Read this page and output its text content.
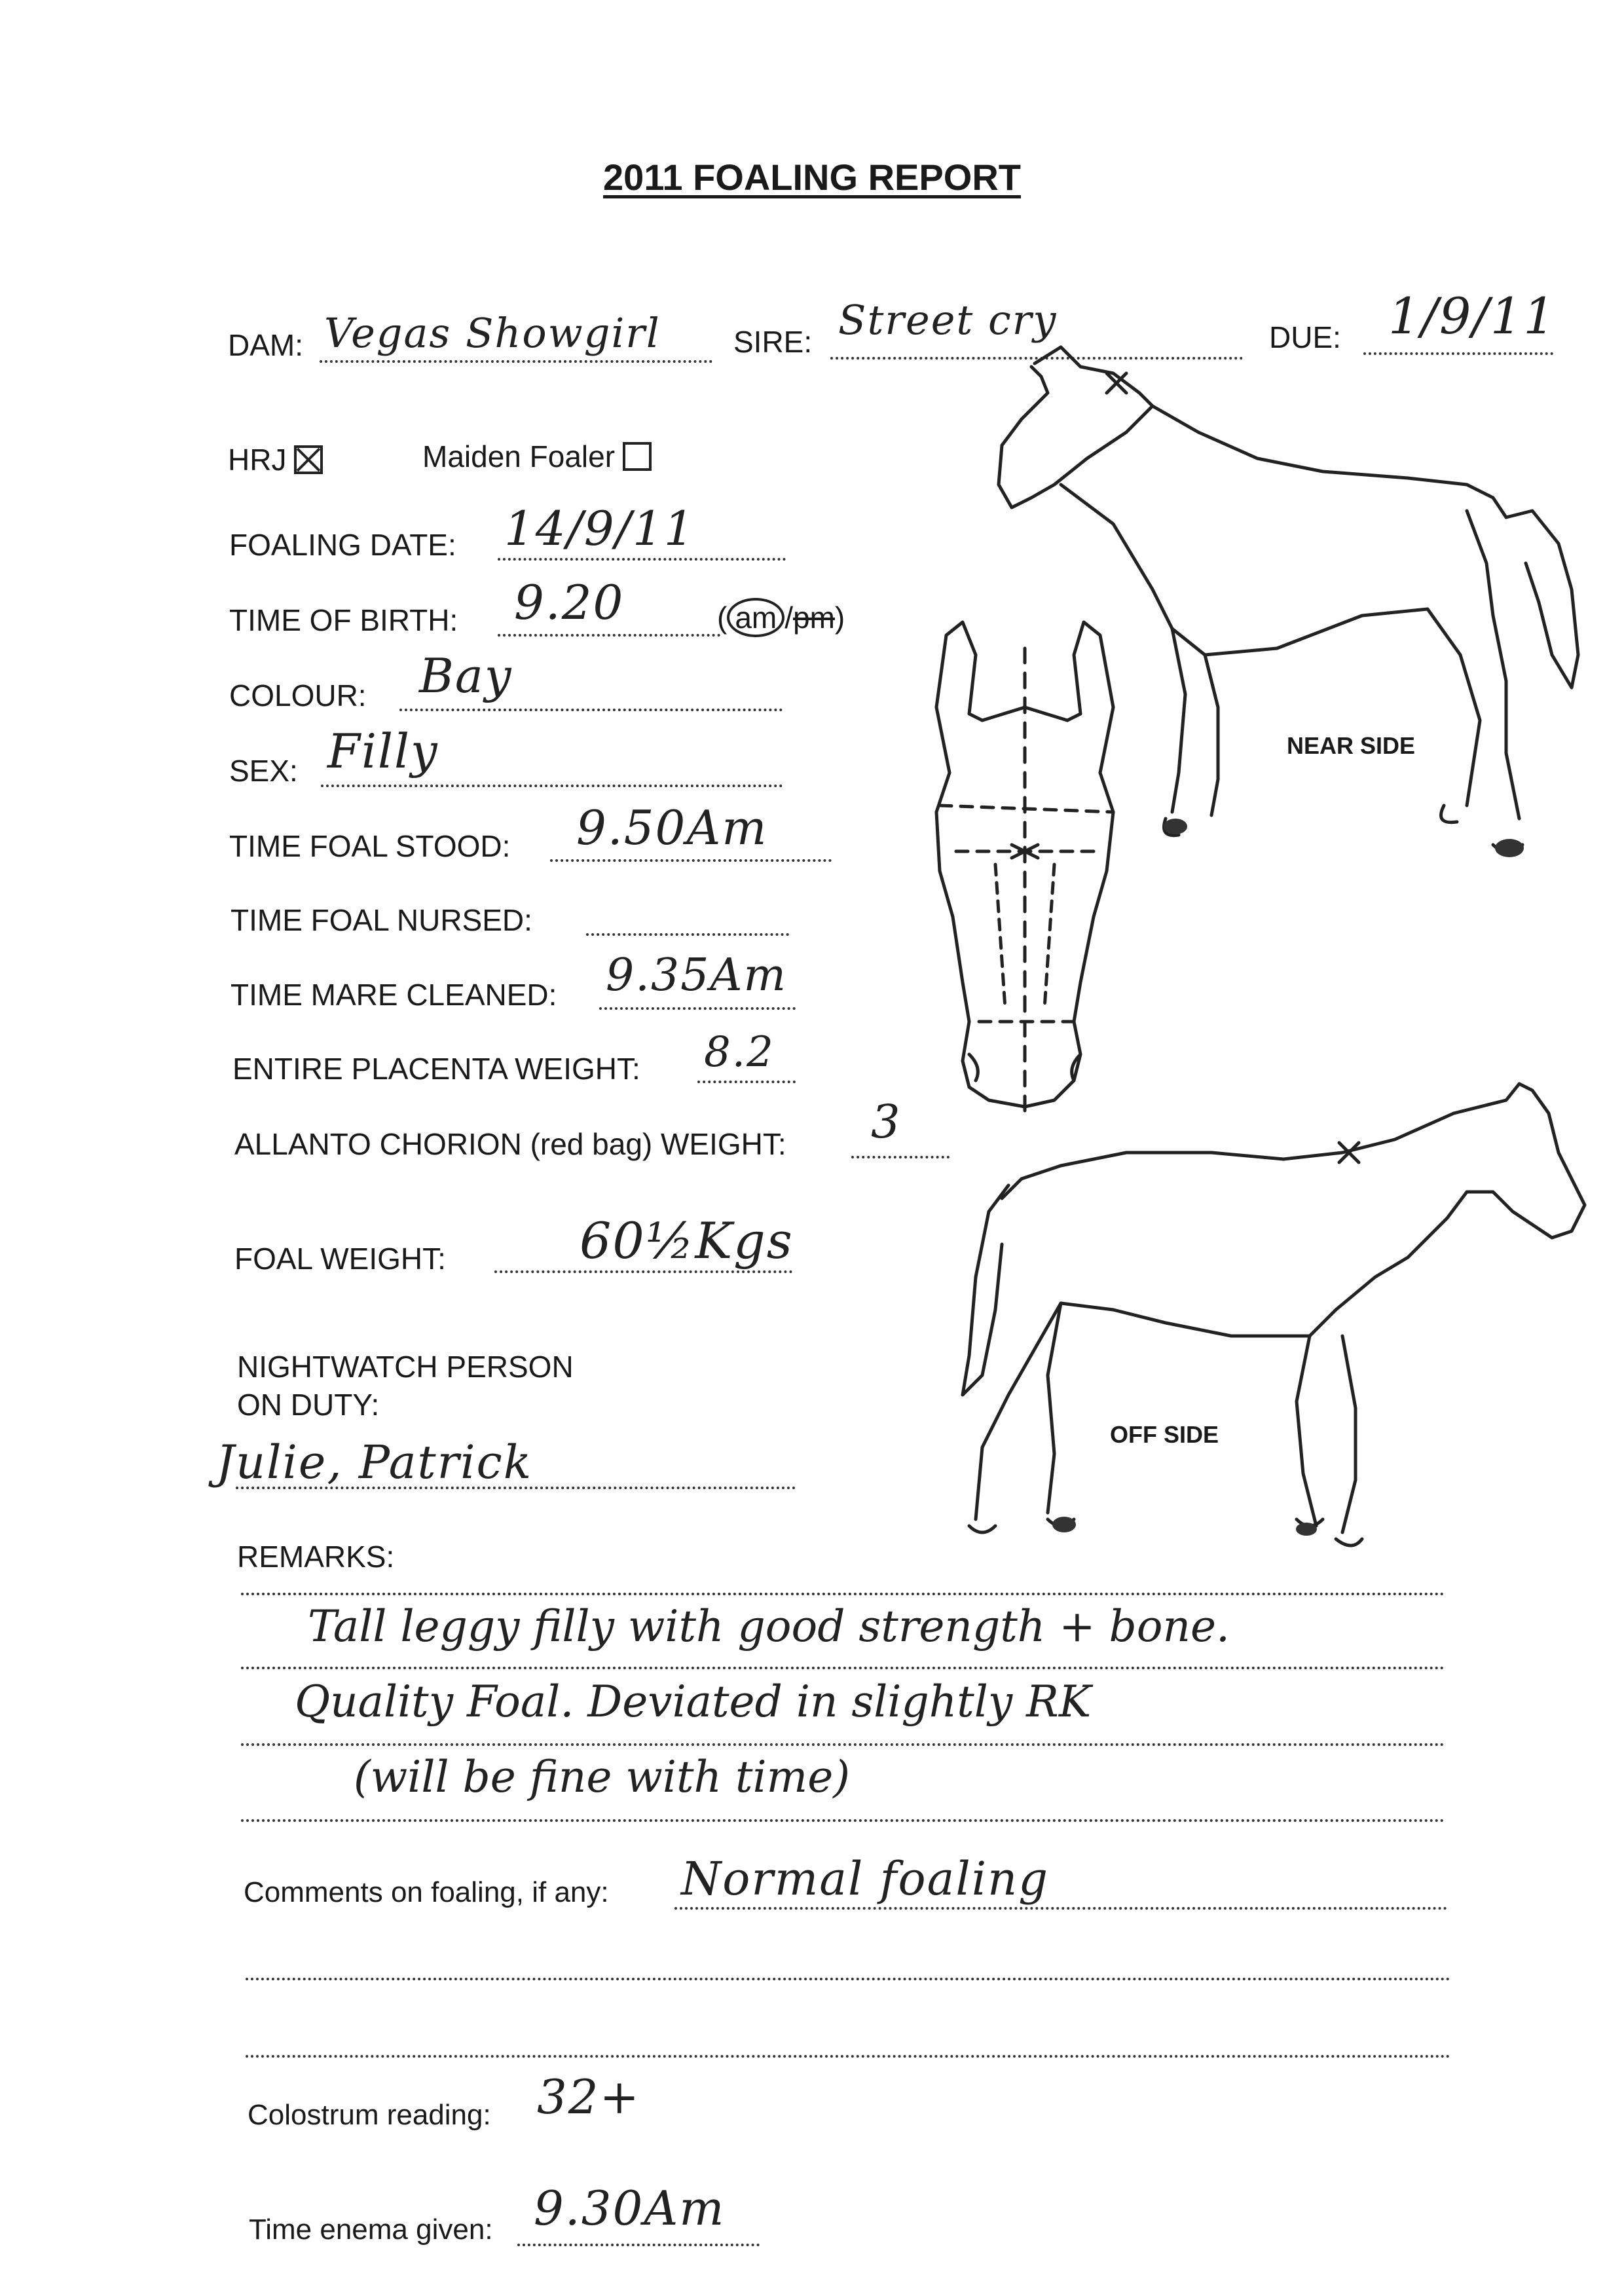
2011 FOALING REPORT
DAM: Vegas Showgirl SIRE: Street cry	DUE: 1/9/11
HRJ	Maiden Foaler
FOALING DATE: 14/9/11
TIME OF BIRTH: 9.20	( am /pm)
COLOUR: Bay
SEX: Filly
TIME FOAL STOOD: 9.50Am
TIME FOAL NURSED:
TIME MARE CLEANED: 9.35Am
ENTIRE PLACENTA WEIGHT: 8.2
ALLANTO CHORION (red bag) WEIGHT: 3
FOAL WEIGHT:	60½Kgs
NIGHTWATCH PERSON
ON DUTY:
Julie, Patrick
REMARKS:
Tall leggy filly with good strength + bone.
Quality Foal. Deviated in slightly RK
(will be fine with time)
Comments on foaling, if any: Normal foaling
Colostrum reading: 32+
Time enema given: 9.30Am
NEAR SIDE
OFF SIDE
